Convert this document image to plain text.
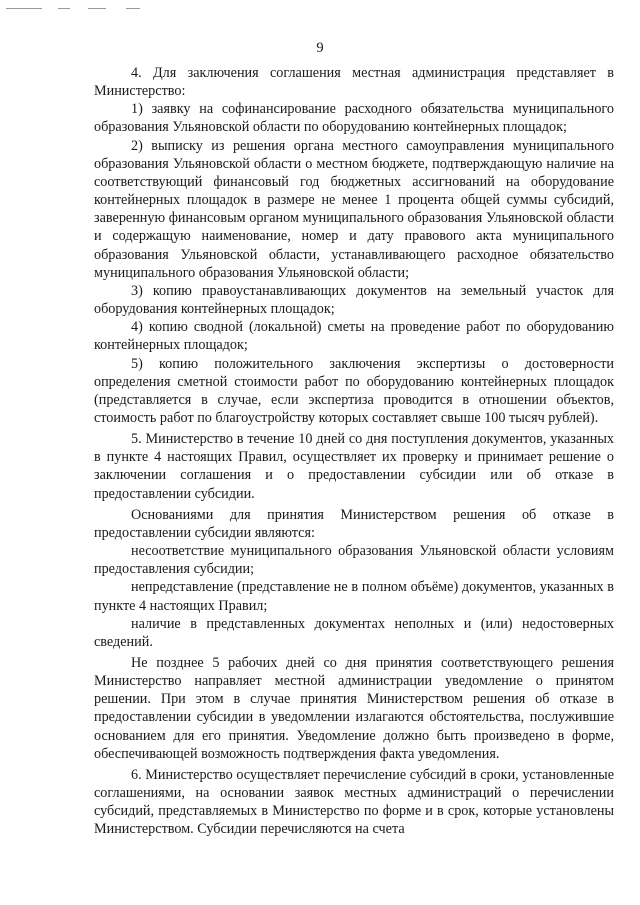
9

4. Для заключения соглашения местная администрация представляет в Министерство:

1) заявку на софинансирование расходного обязательства муниципального образования Ульяновской области по оборудованию контейнерных площадок;

2) выписку из решения органа местного самоуправления муниципального образования Ульяновской области о местном бюджете, подтверждающую наличие на соответствующий финансовый год бюджетных ассигнований на оборудование контейнерных площадок в размере не менее 1 процента общей суммы субсидий, заверенную финансовым органом муниципального образования Ульяновской области и содержащую наименование, номер и дату правового акта муниципального образования Ульяновской области, устанавливающего расходное обязательство муниципального образования Ульяновской области;

3) копию правоустанавливающих документов на земельный участок для оборудования контейнерных площадок;

4) копию сводной (локальной) сметы на проведение работ по оборудованию контейнерных площадок;

5) копию положительного заключения экспертизы о достоверности определения сметной стоимости работ по оборудованию контейнерных площадок (представляется в случае, если экспертиза проводится в отношении объектов, стоимость работ по благоустройству которых составляет свыше 100 тысяч рублей).

5. Министерство в течение 10 дней со дня поступления документов, указанных в пункте 4 настоящих Правил, осуществляет их проверку и принимает решение о заключении соглашения и о предоставлении субсидии или об отказе в предоставлении субсидии.

Основаниями для принятия Министерством решения об отказе в предоставлении субсидии являются:

несоответствие муниципального образования Ульяновской области условиям предоставления субсидии;

непредставление (представление не в полном объёме) документов, указанных в пункте 4 настоящих Правил;

наличие в представленных документах неполных и (или) недостоверных сведений.

Не позднее 5 рабочих дней со дня принятия соответствующего решения Министерство направляет местной администрации уведомление о принятом решении. При этом в случае принятия Министерством решения об отказе в предоставлении субсидии в уведомлении излагаются обстоятельства, послужившие основанием для его принятия. Уведомление должно быть произведено в форме, обеспечивающей возможность подтверждения факта уведомления.

6. Министерство осуществляет перечисление субсидий в сроки, установленные соглашениями, на основании заявок местных администраций о перечислении субсидий, представляемых в Министерство по форме и в срок, которые установлены Министерством. Субсидии перечисляются на счета
